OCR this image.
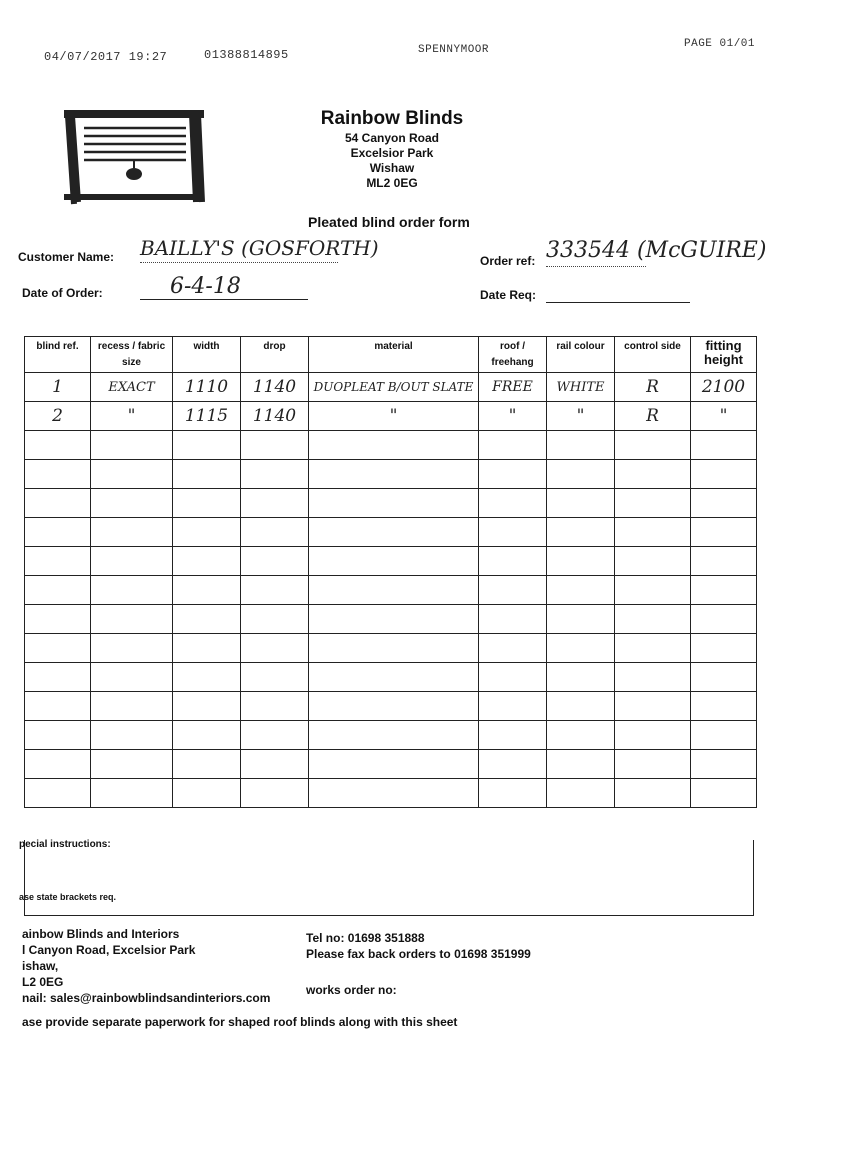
04/07/2017 19:27	01388814895	SPENNYMOOR	PAGE 01/01
Rainbow Blinds
54 Canyon Road
Excelsior Park
Wishaw
ML2 0EG
Pleated blind order form
Customer Name: BAILLY'S (GOSFORTH)
Date of Order:	6-4-18
Order ref: 333544 (McGUIRE)
Date Req:
blind ref.	recess / fabric size	width	drop	material	roof / freehang	rail colour	control side	fitting height

1	EXACT	1110	1140	DUOPLEAT B/OUT SLATE	FREE	WHITE	R	2100
2	"	1115	1140	"	"	"	R	"

pecial instructions:
ase state brackets req.
ainbow Blinds and Interiors
l Canyon Road, Excelsior Park
ishaw,
L2 0EG
nail: sales@rainbowblindsandinteriors.com
Tel no: 01698 351888
Please fax back orders to 01698 351999
works order no:
ase provide separate paperwork for shaped roof blinds along with this sheet
